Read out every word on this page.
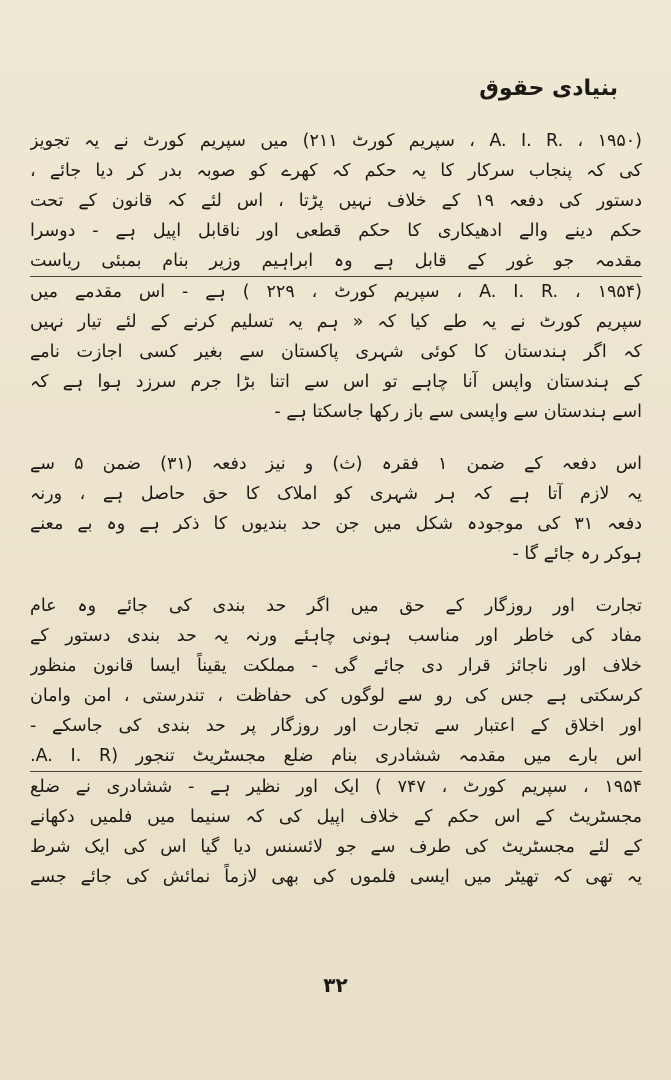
بنیادی حقوق
(A. I. R. ، ۱۹۵۰ ، سپریم کورٹ ۲۱۱) میں سپریم کورٹ نے یہ تجویز
کی کہ پنجاب سرکار کا یہ حکم کہ کھرے کو صوبہ بدر کر دیا جائے ،
دستور کی دفعہ ۱۹ کے خلاف نہیں پڑتا ، اس لئے کہ قانون کے تحت
حکم دینے والے ادھیکاری کا حکم قطعی اور ناقابل اپیل ہے - دوسرا
مقدمہ جو غور کے قابل ہے وہ ابراہیم وزیر بنام بمبئی ریاست
(A. I. R. ، ۱۹۵۴ ، سپریم کورٹ ، ۲۲۹ ) ہے - اس مقدمے میں
سپریم کورٹ نے یہ طے کیا کہ « ہم یہ تسلیم کرنے کے لئے تیار نہیں
کہ اگر ہندستان کا کوئی شہری پاکستان سے بغیر کسی اجازت نامے
کے ہندستان واپس آنا چاہے تو اس سے اتنا بڑا جرم سرزد ہوا ہے کہ
اسے ہندستان سے واپسی سے باز رکھا جاسکتا ہے -
اس دفعہ کے ضمن ۱ فقرہ (ث) و نیز دفعہ (۳۱) ضمن ۵ سے
یہ لازم آتا ہے کہ ہر شہری کو املاک کا حق حاصل ہے ، ورنہ
دفعہ ۳۱ کی موجودہ شکل میں جن حد بندیوں کا ذکر ہے وہ بے معنے
ہوکر رہ جائے گا -
تجارت اور روزگار کے حق میں اگر حد بندی کی جائے وہ عام
مفاد کی خاطر اور مناسب ہونی چاہئے ورنہ یہ حد بندی دستور کے
خلاف اور ناجائز قرار دی جائے گی - مملکت یقیناً ایسا قانون منظور
کرسکتی ہے جس کی رو سے لوگوں کی حفاظت ، تندرستی ، امن وامان
اور اخلاق کے اعتبار سے تجارت اور روزگار پر حد بندی کی جاسکے -
اس بارے میں مقدمہ ششادری بنام ضلع مجسٹریٹ تنجور (A. I. R.
۱۹۵۴ ، سپریم کورٹ ، ۷۴۷ ) ایک اور نظیر ہے - ششادری نے ضلع
مجسٹریٹ کے اس حکم کے خلاف اپیل کی کہ سنیما میں فلمیں دکھانے
کے لئے مجسٹریٹ کی طرف سے جو لائسنس دیا گیا اس کی ایک شرط
یہ تھی کہ تھیٹر میں ایسی فلموں کی بھی لازماً نمائش کی جائے جسے
۳۲
